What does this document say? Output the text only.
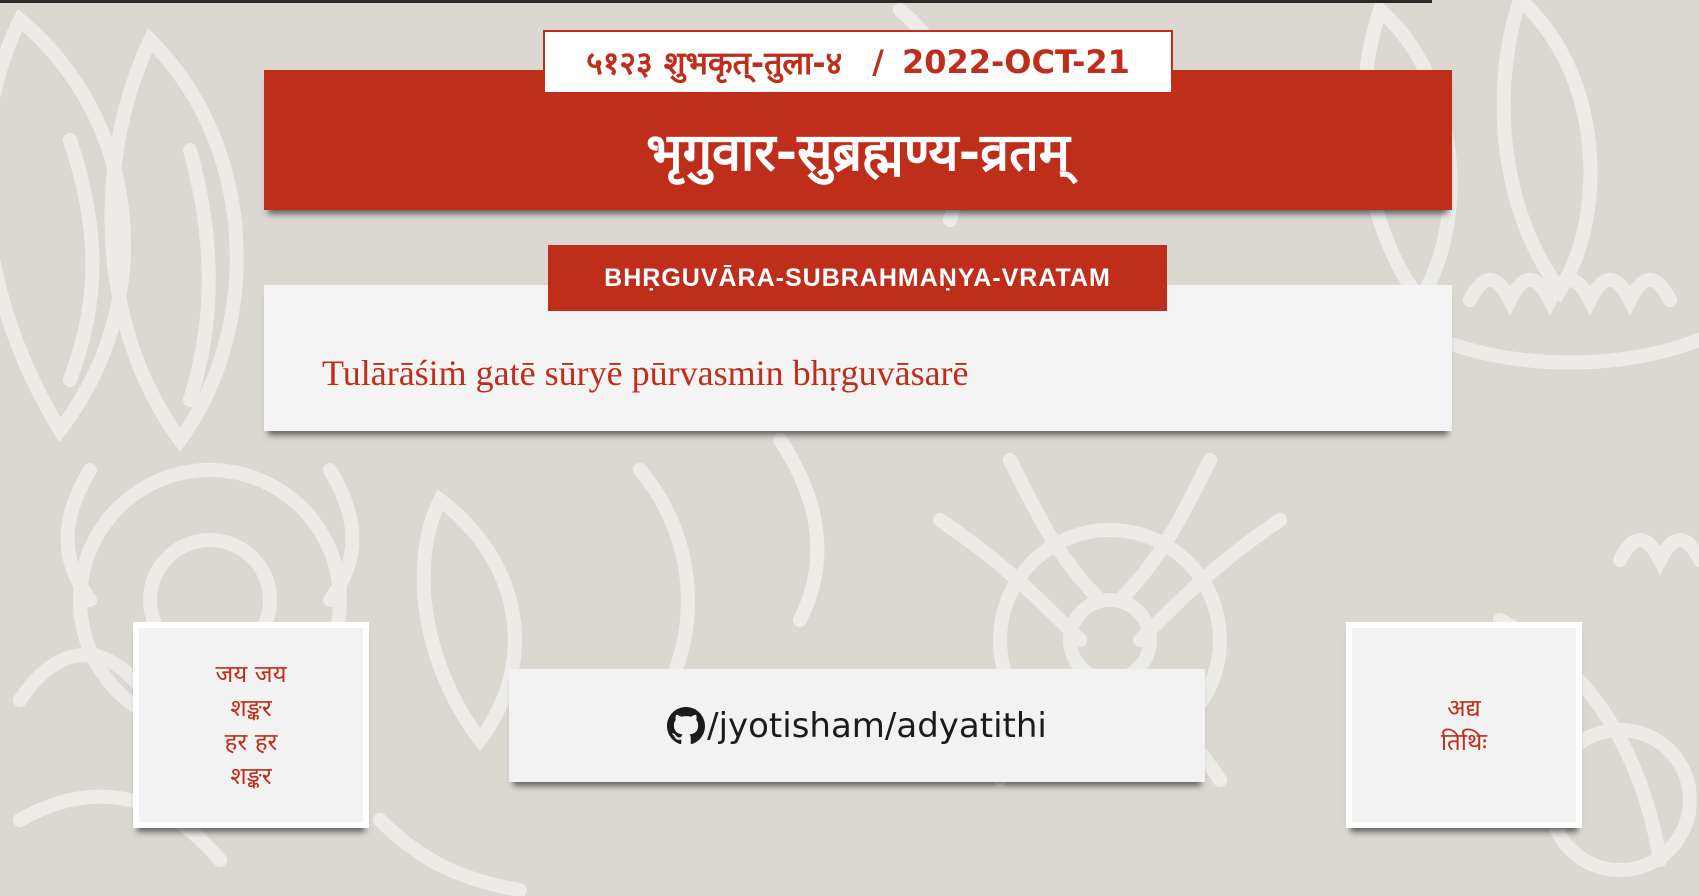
५१२३ शुभकृत्-तुला-४ / 2022-OCT-21
भृगुवार-सुब्रह्मण्य-व्रतम्
BHṚGUVĀRA-SUBRAHMAṆYA-VRATAM
Tulārāśiṁ gatē sūryē pūrvasmin bhṛguvāsarē
जय जय
शङ्कर
हर हर
शङ्कर
/jyotisham/adyatithi	अद्य
तिथिः
